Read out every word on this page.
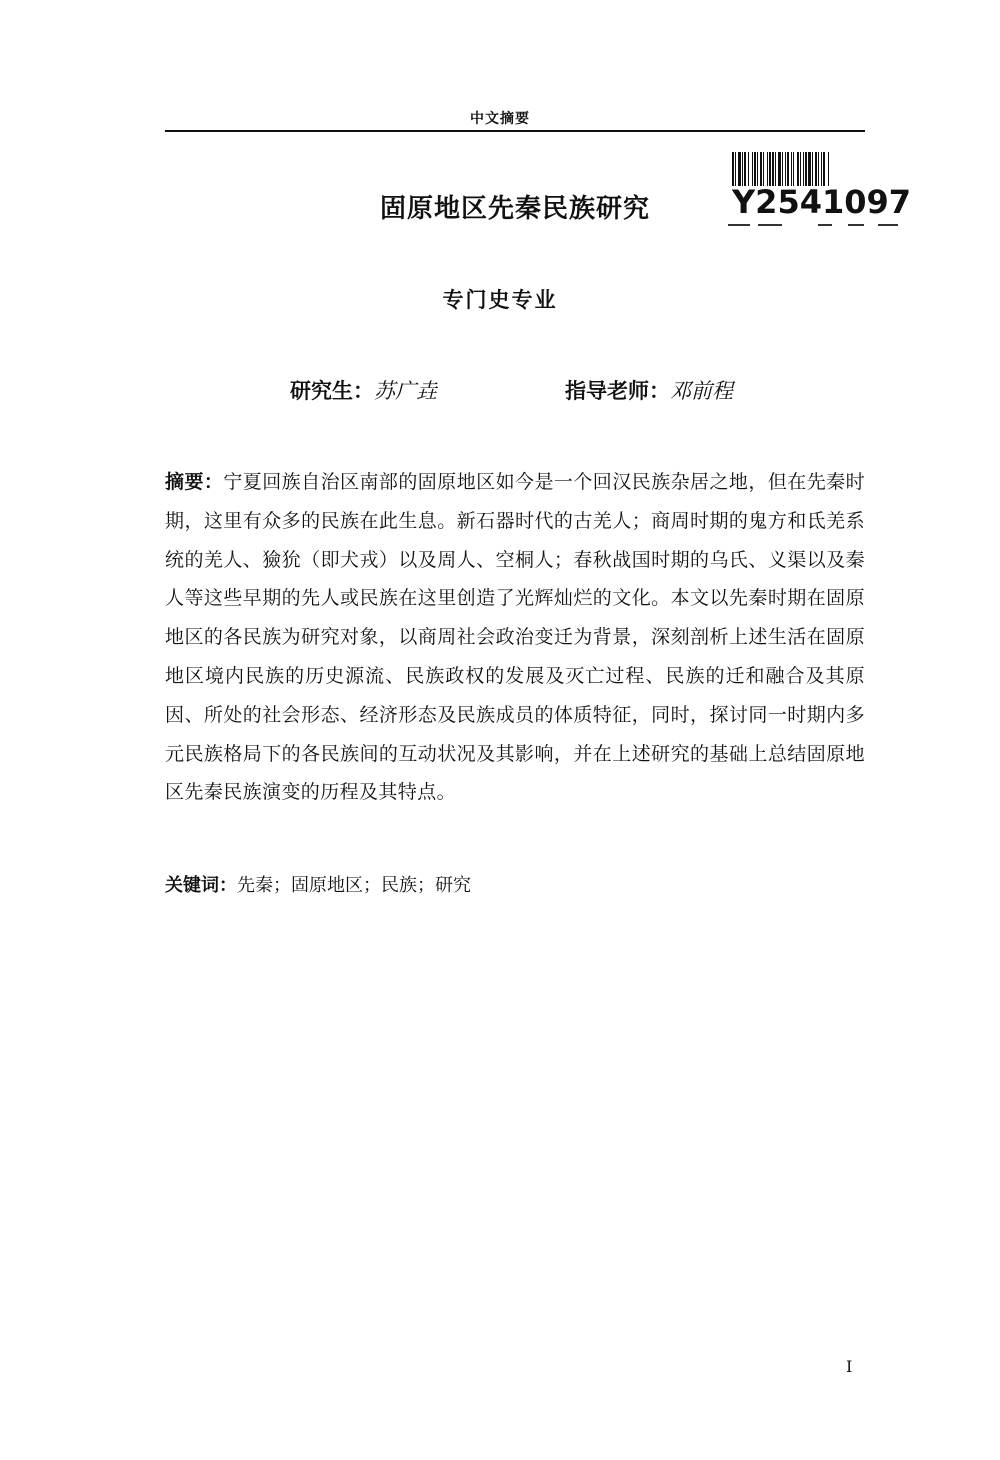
中文摘要
Y2541097
固原地区先秦民族研究
专门史专业
研究生：苏广垚	指导老师：邓前程
摘要：宁夏回族自治区南部的固原地区如今是一个回汉民族杂居之地，但在先秦时期，这里有众多的民族在此生息。新石器时代的古羌人；商周时期的鬼方和氐羌系统的羌人、獫狁（即犬戎）以及周人、空桐人；春秋战国时期的乌氏、义渠以及秦人等这些早期的先人或民族在这里创造了光辉灿烂的文化。本文以先秦时期在固原地区的各民族为研究对象，以商周社会政治变迁为背景，深刻剖析上述生活在固原地区境内民族的历史源流、民族政权的发展及灭亡过程、民族的迁和融合及其原因、所处的社会形态、经济形态及民族成员的体质特征，同时，探讨同一时期内多元民族格局下的各民族间的互动状况及其影响，并在上述研究的基础上总结固原地区先秦民族演变的历程及其特点。
关键词：先秦；固原地区；民族；研究
I
